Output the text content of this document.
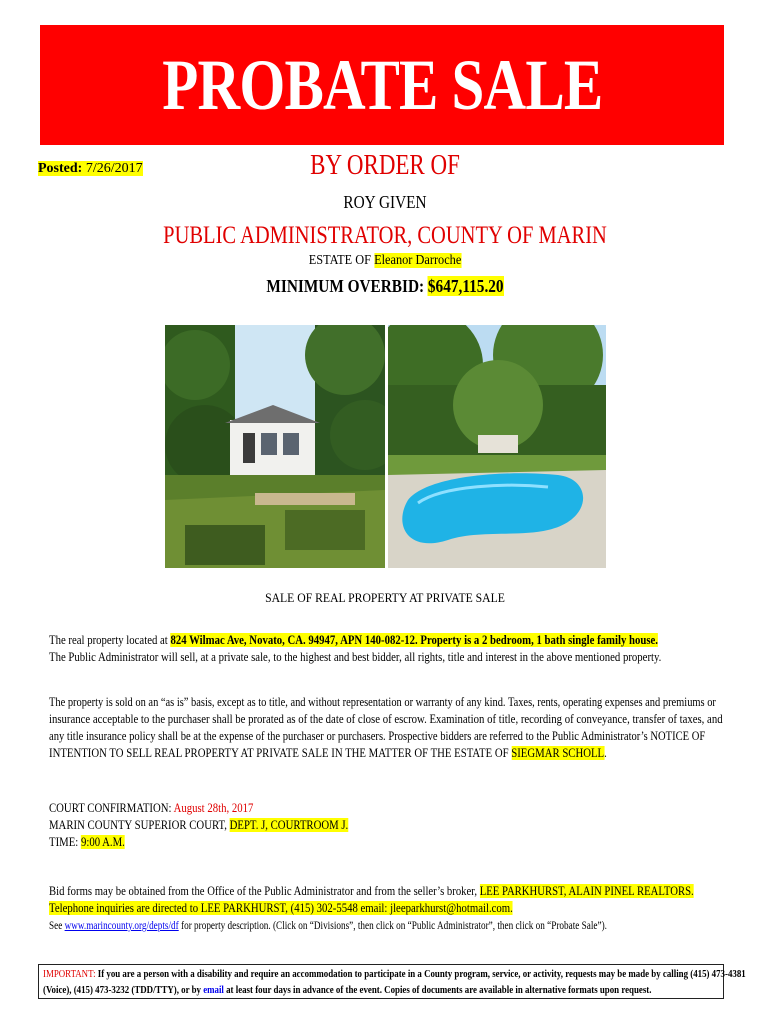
PROBATE SALE
Posted: 7/26/2017	BY ORDER OF
ROY GIVEN
PUBLIC ADMINISTRATOR, COUNTY OF MARIN
ESTATE OF Eleanor Darroche
MINIMUM OVERBID: $647,115.20
SALE OF REAL PROPERTY AT PRIVATE SALE
The real property located at 824 Wilmac Ave, Novato, CA. 94947, APN 140-082-12. Property is a 2 bedroom, 1 bath single family house.
The Public Administrator will sell, at a private sale, to the highest and best bidder, all rights, title and interest in the above mentioned property.
The property is sold on an “as is” basis, except as to title, and without representation or warranty of any kind. Taxes, rents, operating expenses and premiums or
insurance acceptable to the purchaser shall be prorated as of the date of close of escrow. Examination of title, recording of conveyance, transfer of taxes, and
any title insurance policy shall be at the expense of the purchaser or purchasers. Prospective bidders are referred to the Public Administrator’s NOTICE OF
INTENTION TO SELL REAL PROPERTY AT PRIVATE SALE IN THE MATTER OF THE ESTATE OF SIEGMAR SCHOLL.
COURT CONFIRMATION: August 28th, 2017
MARIN COUNTY SUPERIOR COURT, DEPT. J, COURTROOM J.
TIME: 9:00 A.M.
Bid forms may be obtained from the Office of the Public Administrator and from the seller’s broker, LEE PARKHURST, ALAIN PINEL REALTORS.
Telephone inquiries are directed to LEE PARKHURST, (415) 302-5548 email: jleeparkhurst@hotmail.com.
See www.marincounty.org/depts/df for property description. (Click on “Divisions”, then click on “Public Administrator”, then click on “Probate Sale”).
IMPORTANT: If you are a person with a disability and require an accommodation to participate in a County program, service, or activity, requests may be made by calling (415) 473-4381
(Voice), (415) 473-3232 (TDD/TTY), or by email at least four days in advance of the event. Copies of documents are available in alternative formats upon request.
